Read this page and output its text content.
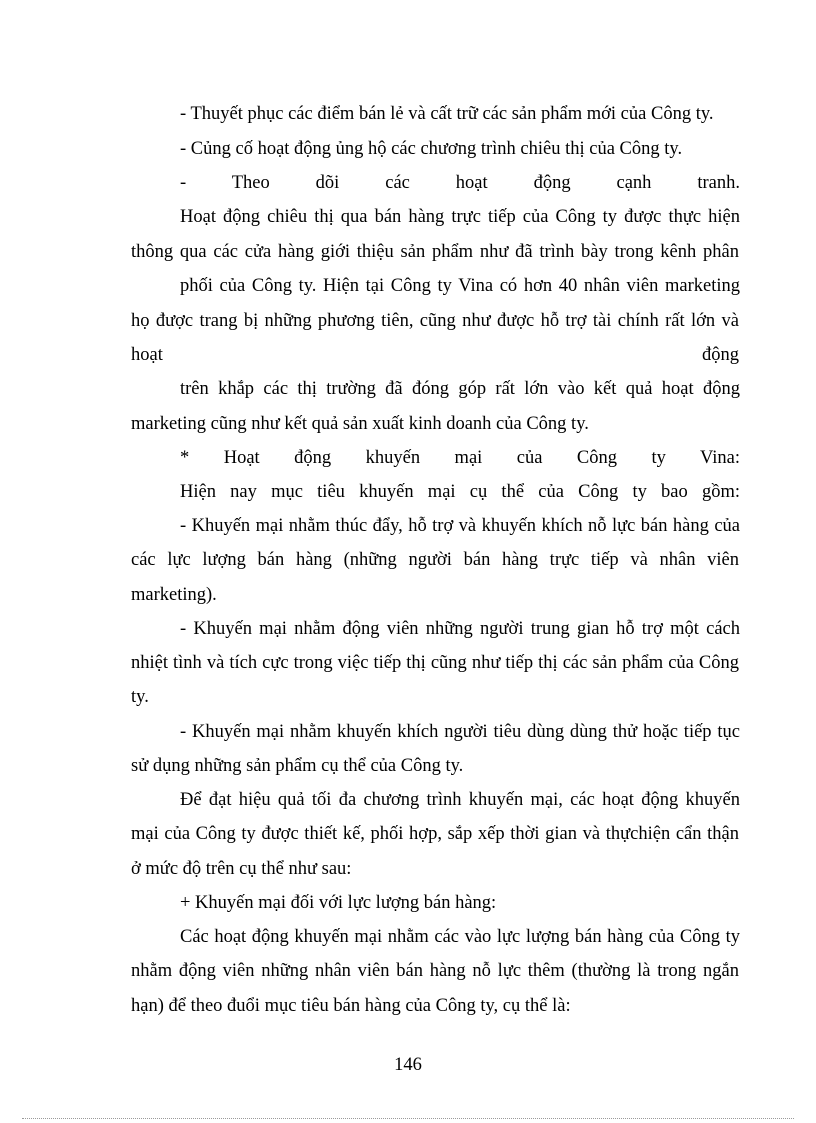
- Thuyết phục các điểm bán lẻ và cất trữ các sản phẩm mới của Công ty.
- Củng cố hoạt động ủng hộ các chương trình chiêu thị của Công ty.
- Theo dõi các hoạt động cạnh tranh.
Hoạt động chiêu thị qua bán hàng trực tiếp của Công ty được thực hiện
thông qua các cửa hàng giới thiệu sản phẩm như đã trình bày trong kênh phân
phối của Công ty. Hiện tại Công ty Vina có hơn 40 nhân viên marketing
họ được trang bị những phương tiên, cũng như được hỗ trợ tài chính rất lớn và
hoạt động
trên khắp các thị trường đã đóng góp rất lớn vào kết quả hoạt động
marketing cũng như kết quả sản xuất kinh doanh của Công ty.
* Hoạt động khuyến mại của Công ty Vina:
Hiện nay mục tiêu khuyến mại cụ thể của Công ty bao gồm:
- Khuyến mại nhằm thúc đẩy, hỗ trợ và khuyến khích nỗ lực bán hàng của
các lực lượng bán hàng (những người bán hàng trực tiếp và nhân viên
marketing).
- Khuyến mại nhằm động viên những người trung gian hỗ trợ một cách
nhiệt tình và tích cực trong việc tiếp thị cũng như tiếp thị các sản phẩm của Công
ty.
- Khuyến mại nhằm khuyến khích người tiêu dùng dùng thử hoặc tiếp tục
sử dụng những sản phẩm cụ thể của Công ty.
Để đạt hiệu quả tối đa chương trình khuyến mại, các hoạt động khuyến
mại của Công ty được thiết kế, phối hợp, sắp xếp thời gian và thựchiện cẩn thận
ở mức độ trên cụ thể như sau:
+ Khuyến mại đối với lực lượng bán hàng:
Các hoạt động khuyến mại nhằm các vào lực lượng bán hàng của Công ty
nhằm động viên những nhân viên bán hàng nỗ lực thêm (thường là trong ngắn
hạn) để theo đuổi mục tiêu bán hàng của Công ty, cụ thể là:
146
